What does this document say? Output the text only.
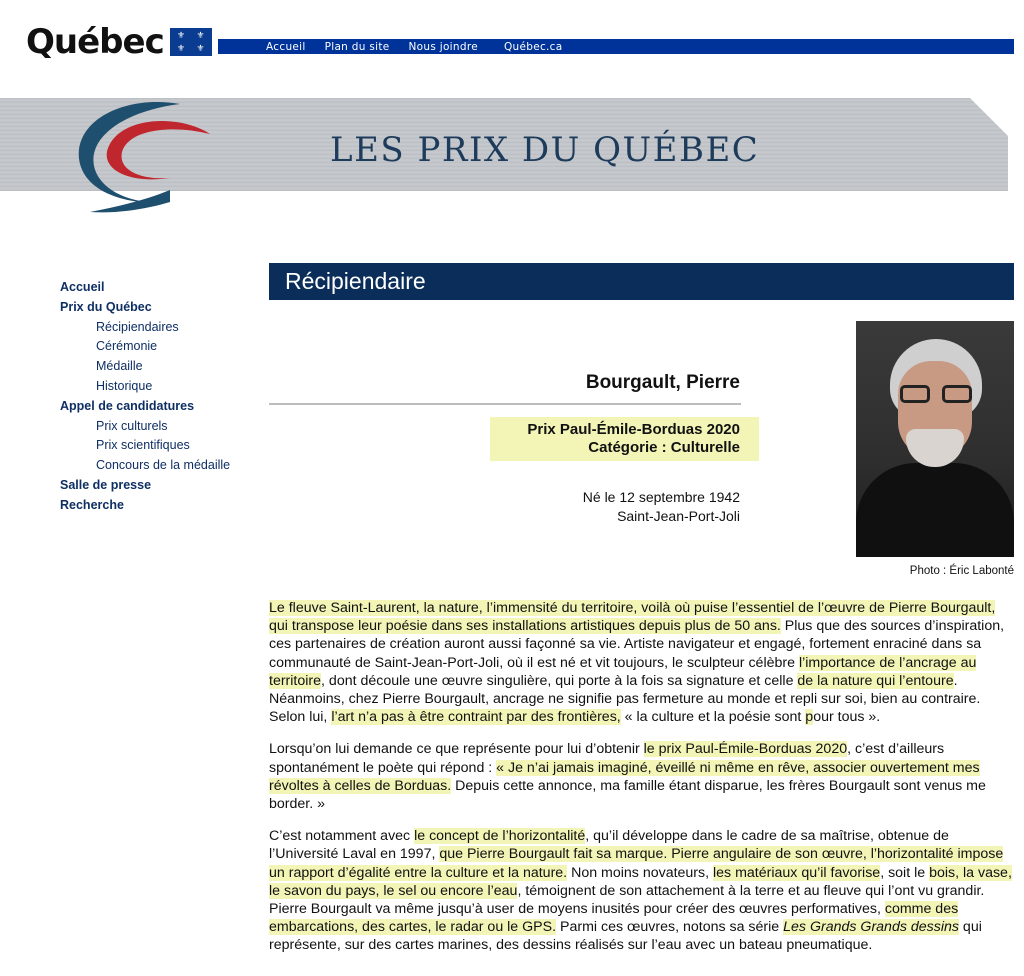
Québec	⚜	⚜
⚜	⚜	Accueil Plan du site Nous joindre Québec.ca
LES PRIX DU QUÉBEC
Accueil
Prix du Québec
Récipiendaires
Cérémonie
Médaille
Historique
Appel de candidatures
Prix culturels
Prix scientifiques
Concours de la médaille
Salle de presse
Recherche
Récipiendaire
Bourgault, Pierre
Prix Paul-Émile-Borduas 2020
Catégorie : Culturelle
Né le 12 septembre 1942
Saint-Jean-Port-Joli
Photo : Éric Labonté

Le fleuve Saint-Laurent, la nature, l’immensité du territoire, voilà où puise l’essentiel de l’œuvre de Pierre Bourgault, qui transpose leur poésie dans ses installations artistiques depuis plus de 50 ans. Plus que des sources d’inspiration, ces partenaires de création auront aussi façonné sa vie. Artiste navigateur et engagé, fortement enraciné dans sa communauté de Saint-Jean-Port-Joli, où il est né et vit toujours, le sculpteur célèbre l’importance de l’ancrage au territoire, dont découle une œuvre singulière, qui porte à la fois sa signature et celle de la nature qui l’entoure. Néanmoins, chez Pierre Bourgault, ancrage ne signifie pas fermeture au monde et repli sur soi, bien au contraire. Selon lui, l’art n’a pas à être contraint par des frontières, « la culture et la poésie sont pour tous ».

Lorsqu’on lui demande ce que représente pour lui d’obtenir le prix Paul-Émile-Borduas 2020, c’est d’ailleurs spontanément le poète qui répond : « Je n’ai jamais imaginé, éveillé ni même en rêve, associer ouvertement mes révoltes à celles de Borduas. Depuis cette annonce, ma famille étant disparue, les frères Bourgault sont venus me border. »

C’est notamment avec le concept de l’horizontalité, qu’il développe dans le cadre de sa maîtrise, obtenue de l’Université Laval en 1997, que Pierre Bourgault fait sa marque. Pierre angulaire de son œuvre, l’horizontalité impose un rapport d’égalité entre la culture et la nature. Non moins novateurs, les matériaux qu’il favorise, soit le bois, la vase, le savon du pays, le sel ou encore l’eau, témoignent de son attachement à la terre et au fleuve qui l’ont vu grandir. Pierre Bourgault va même jusqu’à user de moyens inusités pour créer des œuvres performatives, comme des embarcations, des cartes, le radar ou le GPS. Parmi ces œuvres, notons sa série Les Grands Grands dessins qui représente, sur des cartes marines, des dessins réalisés sur l’eau avec un bateau pneumatique.
